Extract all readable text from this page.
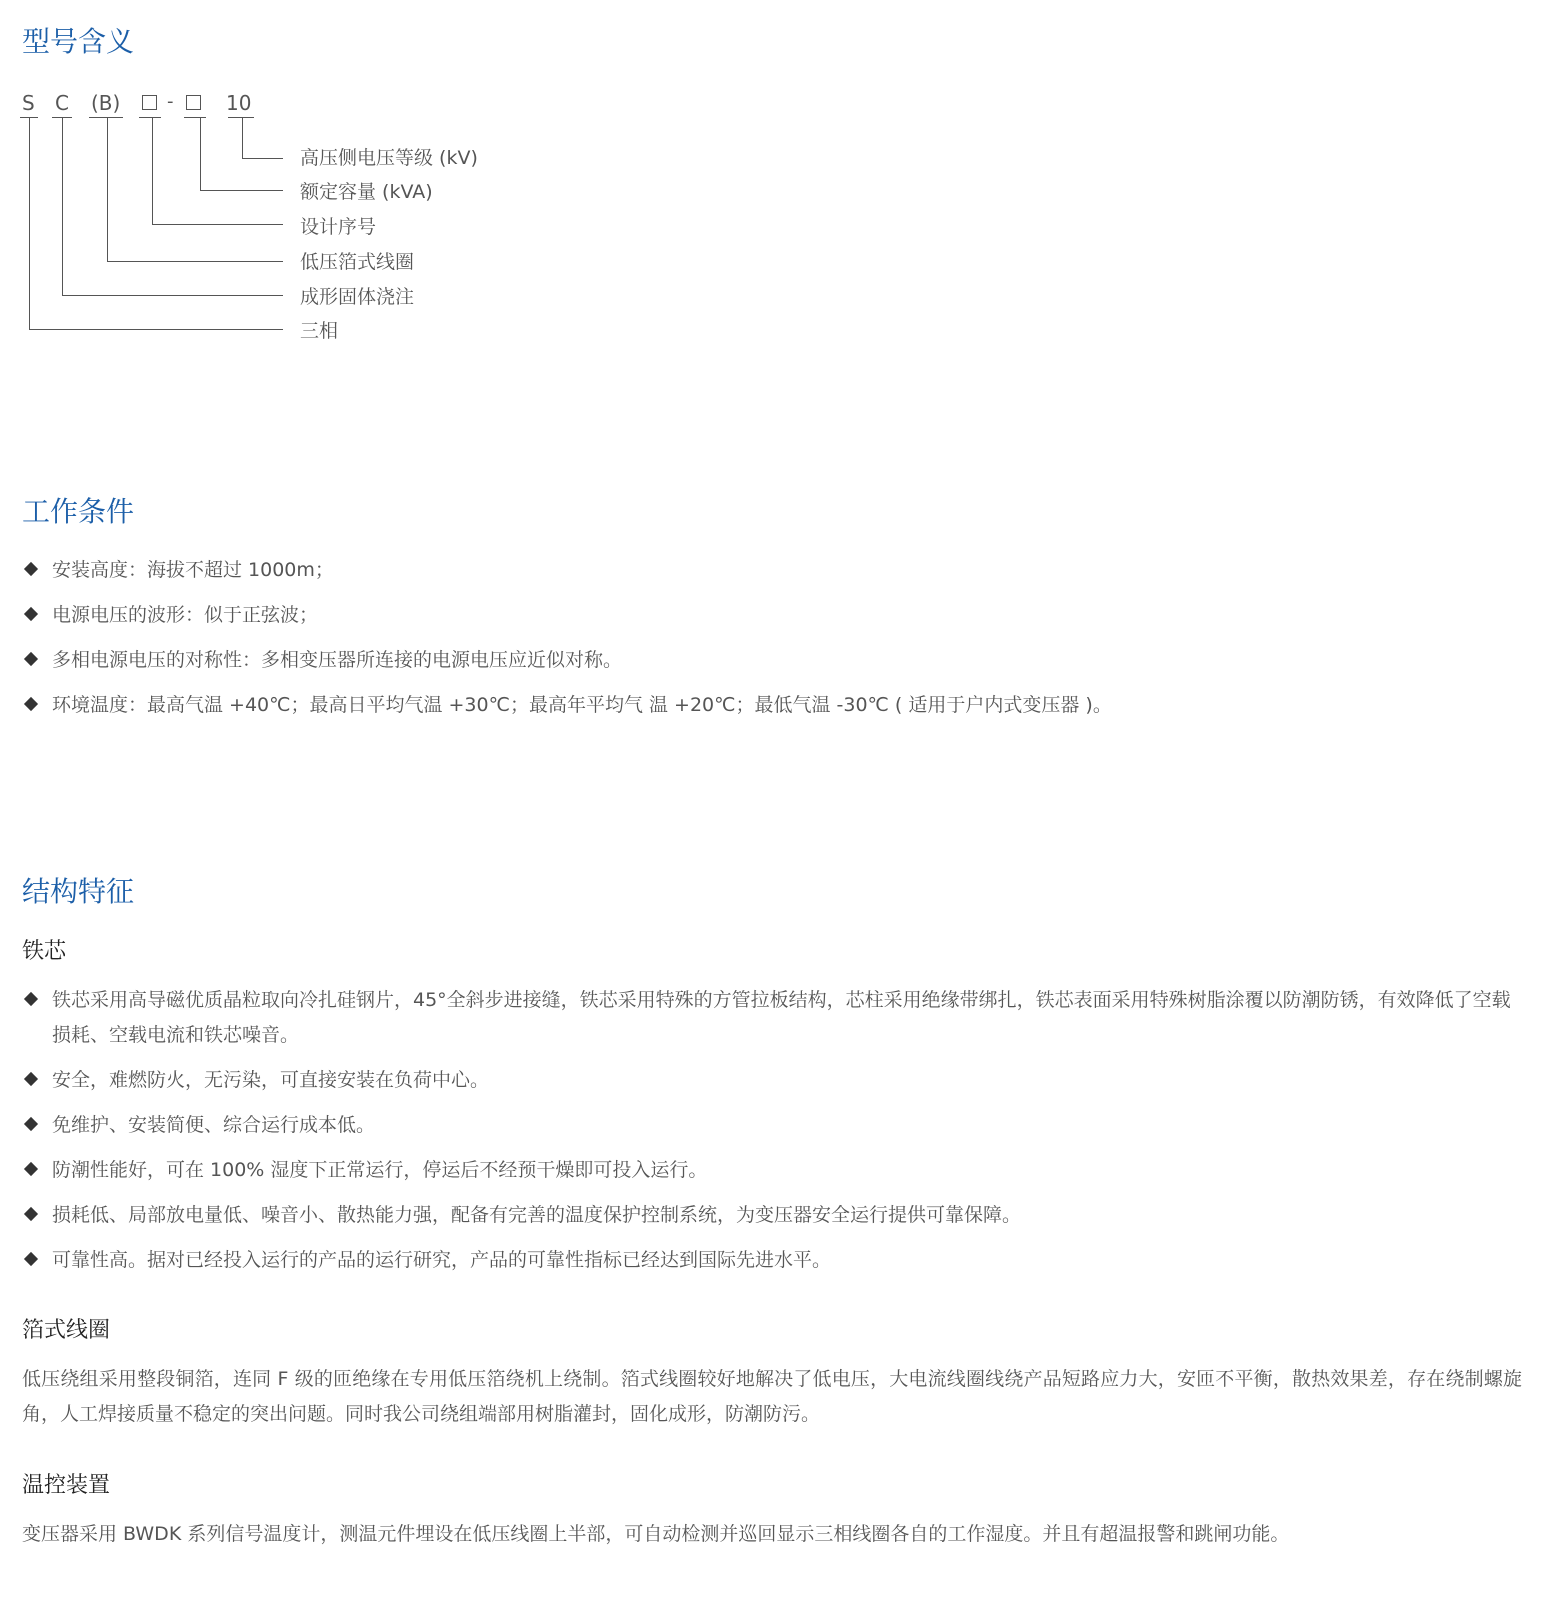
型号含义
S C (B)	-	10
高压侧电压等级 (kV)
额定容量 (kVA)
设计序号
低压箔式线圈
成形固体浇注
三相
工作条件
安装高度：海拔不超过 1000m；
电源电压的波形：似于正弦波；
多相电源电压的对称性：多相变压器所连接的电源电压应近似对称。
环境温度：最高气温 +40℃；最高日平均气温 +30℃；最高年平均气 温 +20℃；最低气温 -30℃ ( 适用于户内式变压器 )。
结构特征
铁芯
铁芯采用高导磁优质晶粒取向冷扎硅钢片，45°全斜步进接缝，铁芯采用特殊的方管拉板结构，芯柱采用绝缘带绑扎，铁芯表面采用特殊树脂涂覆以防潮防锈，有效降低了空载损耗、空载电流和铁芯噪音。
安全，难燃防火，无污染，可直接安装在负荷中心。
免维护、安装简便、综合运行成本低。
防潮性能好，可在 100% 湿度下正常运行，停运后不经预干燥即可投入运行。
损耗低、局部放电量低、噪音小、散热能力强，配备有完善的温度保护控制系统，为变压器安全运行提供可靠保障。
可靠性高。据对已经投入运行的产品的运行研究，产品的可靠性指标已经达到国际先进水平。
箔式线圈

低压绕组采用整段铜箔，连同 F 级的匝绝缘在专用低压箔绕机上绕制。箔式线圈较好地解决了低电压，大电流线圈线绕产品短路应力大，安匝不平衡，散热效果差，存在绕制螺旋角，人工焊接质量不稳定的突出问题。同时我公司绕组端部用树脂灌封，固化成形，防潮防污。

温控装置

变压器采用 BWDK 系列信号温度计，测温元件埋设在低压线圈上半部，可自动检测并巡回显示三相线圈各自的工作湿度。并且有超温报警和跳闸功能。
